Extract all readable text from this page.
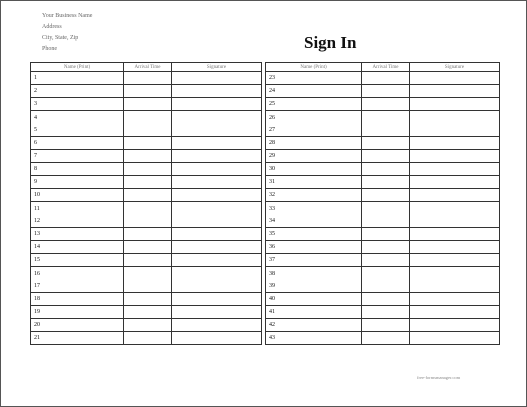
Your Business Name
Address
City, State, Zip
Phone	Sign In
Name (Print)	Arrival Time	Signature

1		

2		

3		

4
5		

6		

7		

8		

9		

10		

11
12		

13		

14		

15		

16
17		

18		

19		

20		

21		

Name (Print)	Arrival Time	Signature

23		

24		

25		

26
27		

28		

29		

30		

31		

32		

33
34		

35		

36		

37		

38
39		

40		

41		

42		

43		

free-formsmanager.com
